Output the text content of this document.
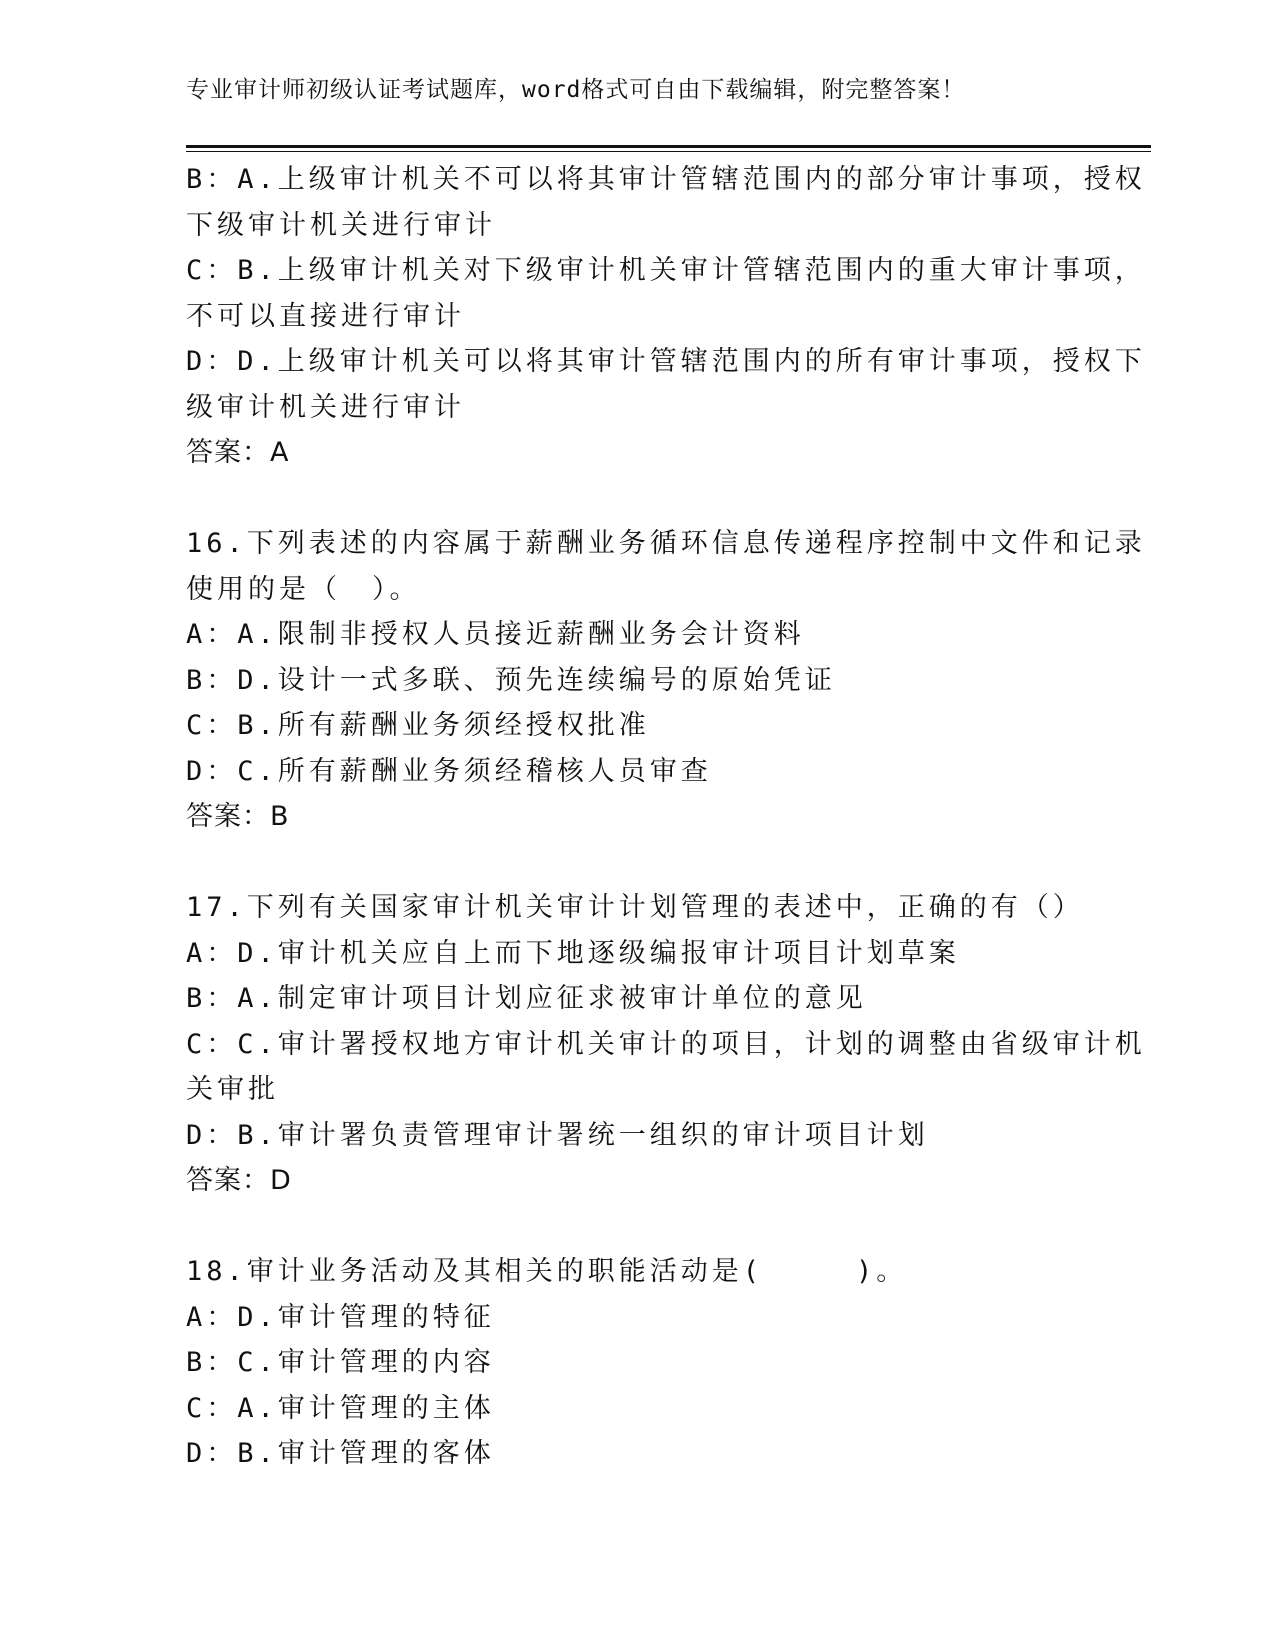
专业审计师初级认证考试题库，word格式可自由下载编辑，附完整答案！
B：A.上级审计机关不可以将其审计管辖范围内的部分审计事项，授权
下级审计机关进行审计
C：B.上级审计机关对下级审计机关审计管辖范围内的重大审计事项，
不可以直接进行审计
D：D.上级审计机关可以将其审计管辖范围内的所有审计事项，授权下
级审计机关进行审计
答案：A
16.下列表述的内容属于薪酬业务循环信息传递程序控制中文件和记录
使用的是（　）。
A：A.限制非授权人员接近薪酬业务会计资料
B：D.设计一式多联、预先连续编号的原始凭证
C：B.所有薪酬业务须经授权批准
D：C.所有薪酬业务须经稽核人员审查
答案：B
17.下列有关国家审计机关审计计划管理的表述中，正确的有（）
A：D.审计机关应自上而下地逐级编报审计项目计划草案
B：A.制定审计项目计划应征求被审计单位的意见
C：C.审计署授权地方审计机关审计的项目，计划的调整由省级审计机
关审批
D：B.审计署负责管理审计署统一组织的审计项目计划
答案：D
18.审计业务活动及其相关的职能活动是(　　　)。
A：D.审计管理的特征
B：C.审计管理的内容
C：A.审计管理的主体
D：B.审计管理的客体
